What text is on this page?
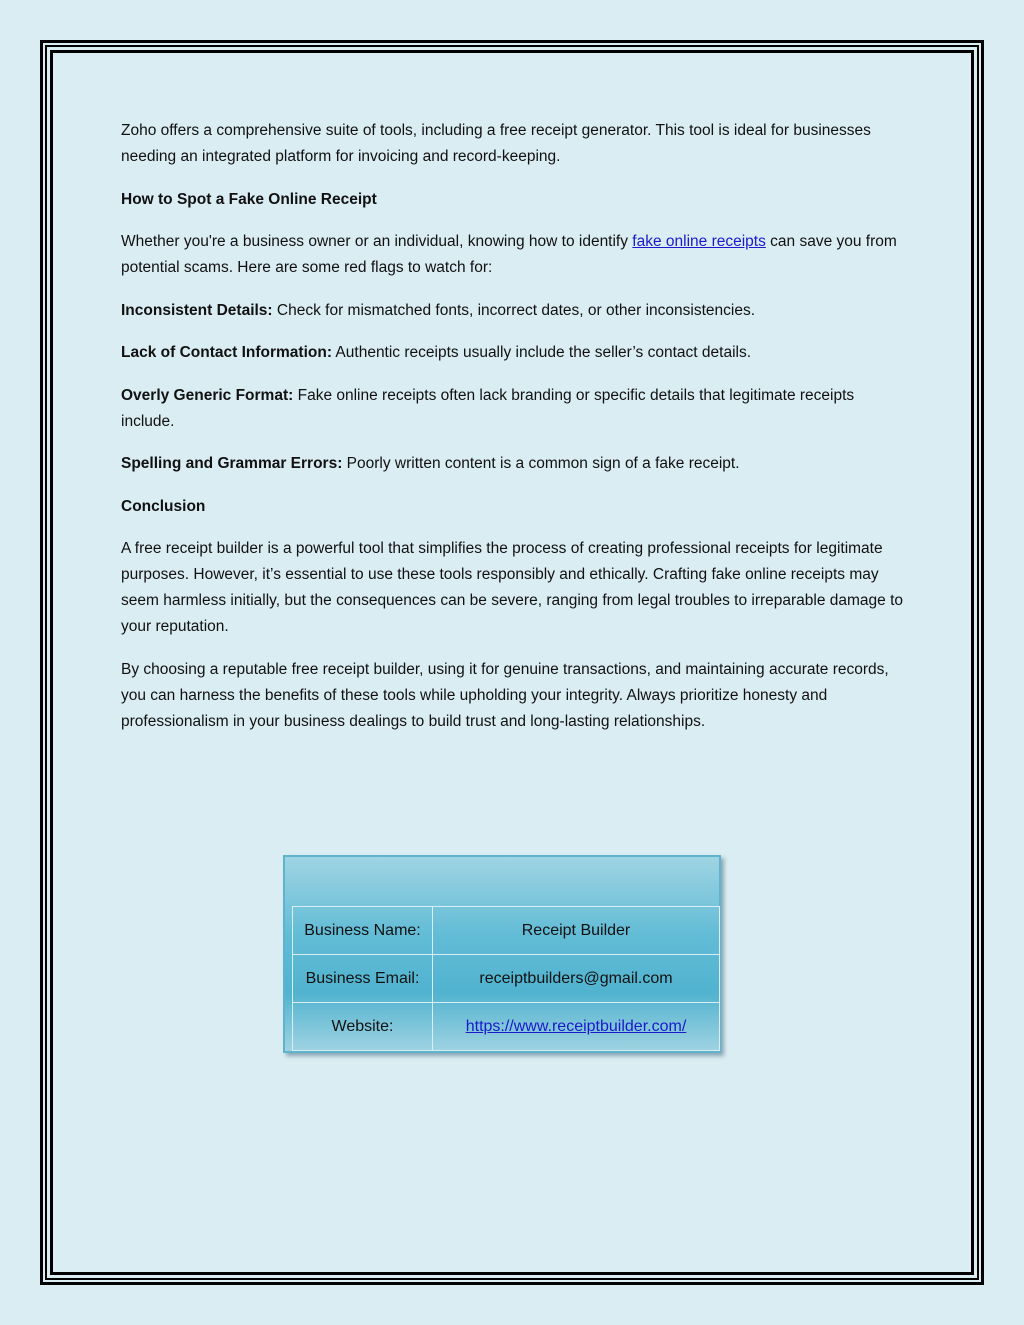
Zoho offers a comprehensive suite of tools, including a free receipt generator. This tool is ideal for businesses needing an integrated platform for invoicing and record-keeping.

How to Spot a Fake Online Receipt

Whether you're a business owner or an individual, knowing how to identify fake online receipts can save you from potential scams. Here are some red flags to watch for:

Inconsistent Details: Check for mismatched fonts, incorrect dates, or other inconsistencies.

Lack of Contact Information: Authentic receipts usually include the seller’s contact details.

Overly Generic Format: Fake online receipts often lack branding or specific details that legitimate receipts include.

Spelling and Grammar Errors: Poorly written content is a common sign of a fake receipt.

Conclusion

A free receipt builder is a powerful tool that simplifies the process of creating professional receipts for legitimate purposes. However, it’s essential to use these tools responsibly and ethically. Crafting fake online receipts may seem harmless initially, but the consequences can be severe, ranging from legal troubles to irreparable damage to your reputation.

By choosing a reputable free receipt builder, using it for genuine transactions, and maintaining accurate records, you can harness the benefits of these tools while upholding your integrity. Always prioritize honesty and professionalism in your business dealings to build trust and long-lasting relationships.

Business Name:	Receipt Builder
Business Email:	receiptbuilders@gmail.com
Website:	https://www.receiptbuilder.com/
